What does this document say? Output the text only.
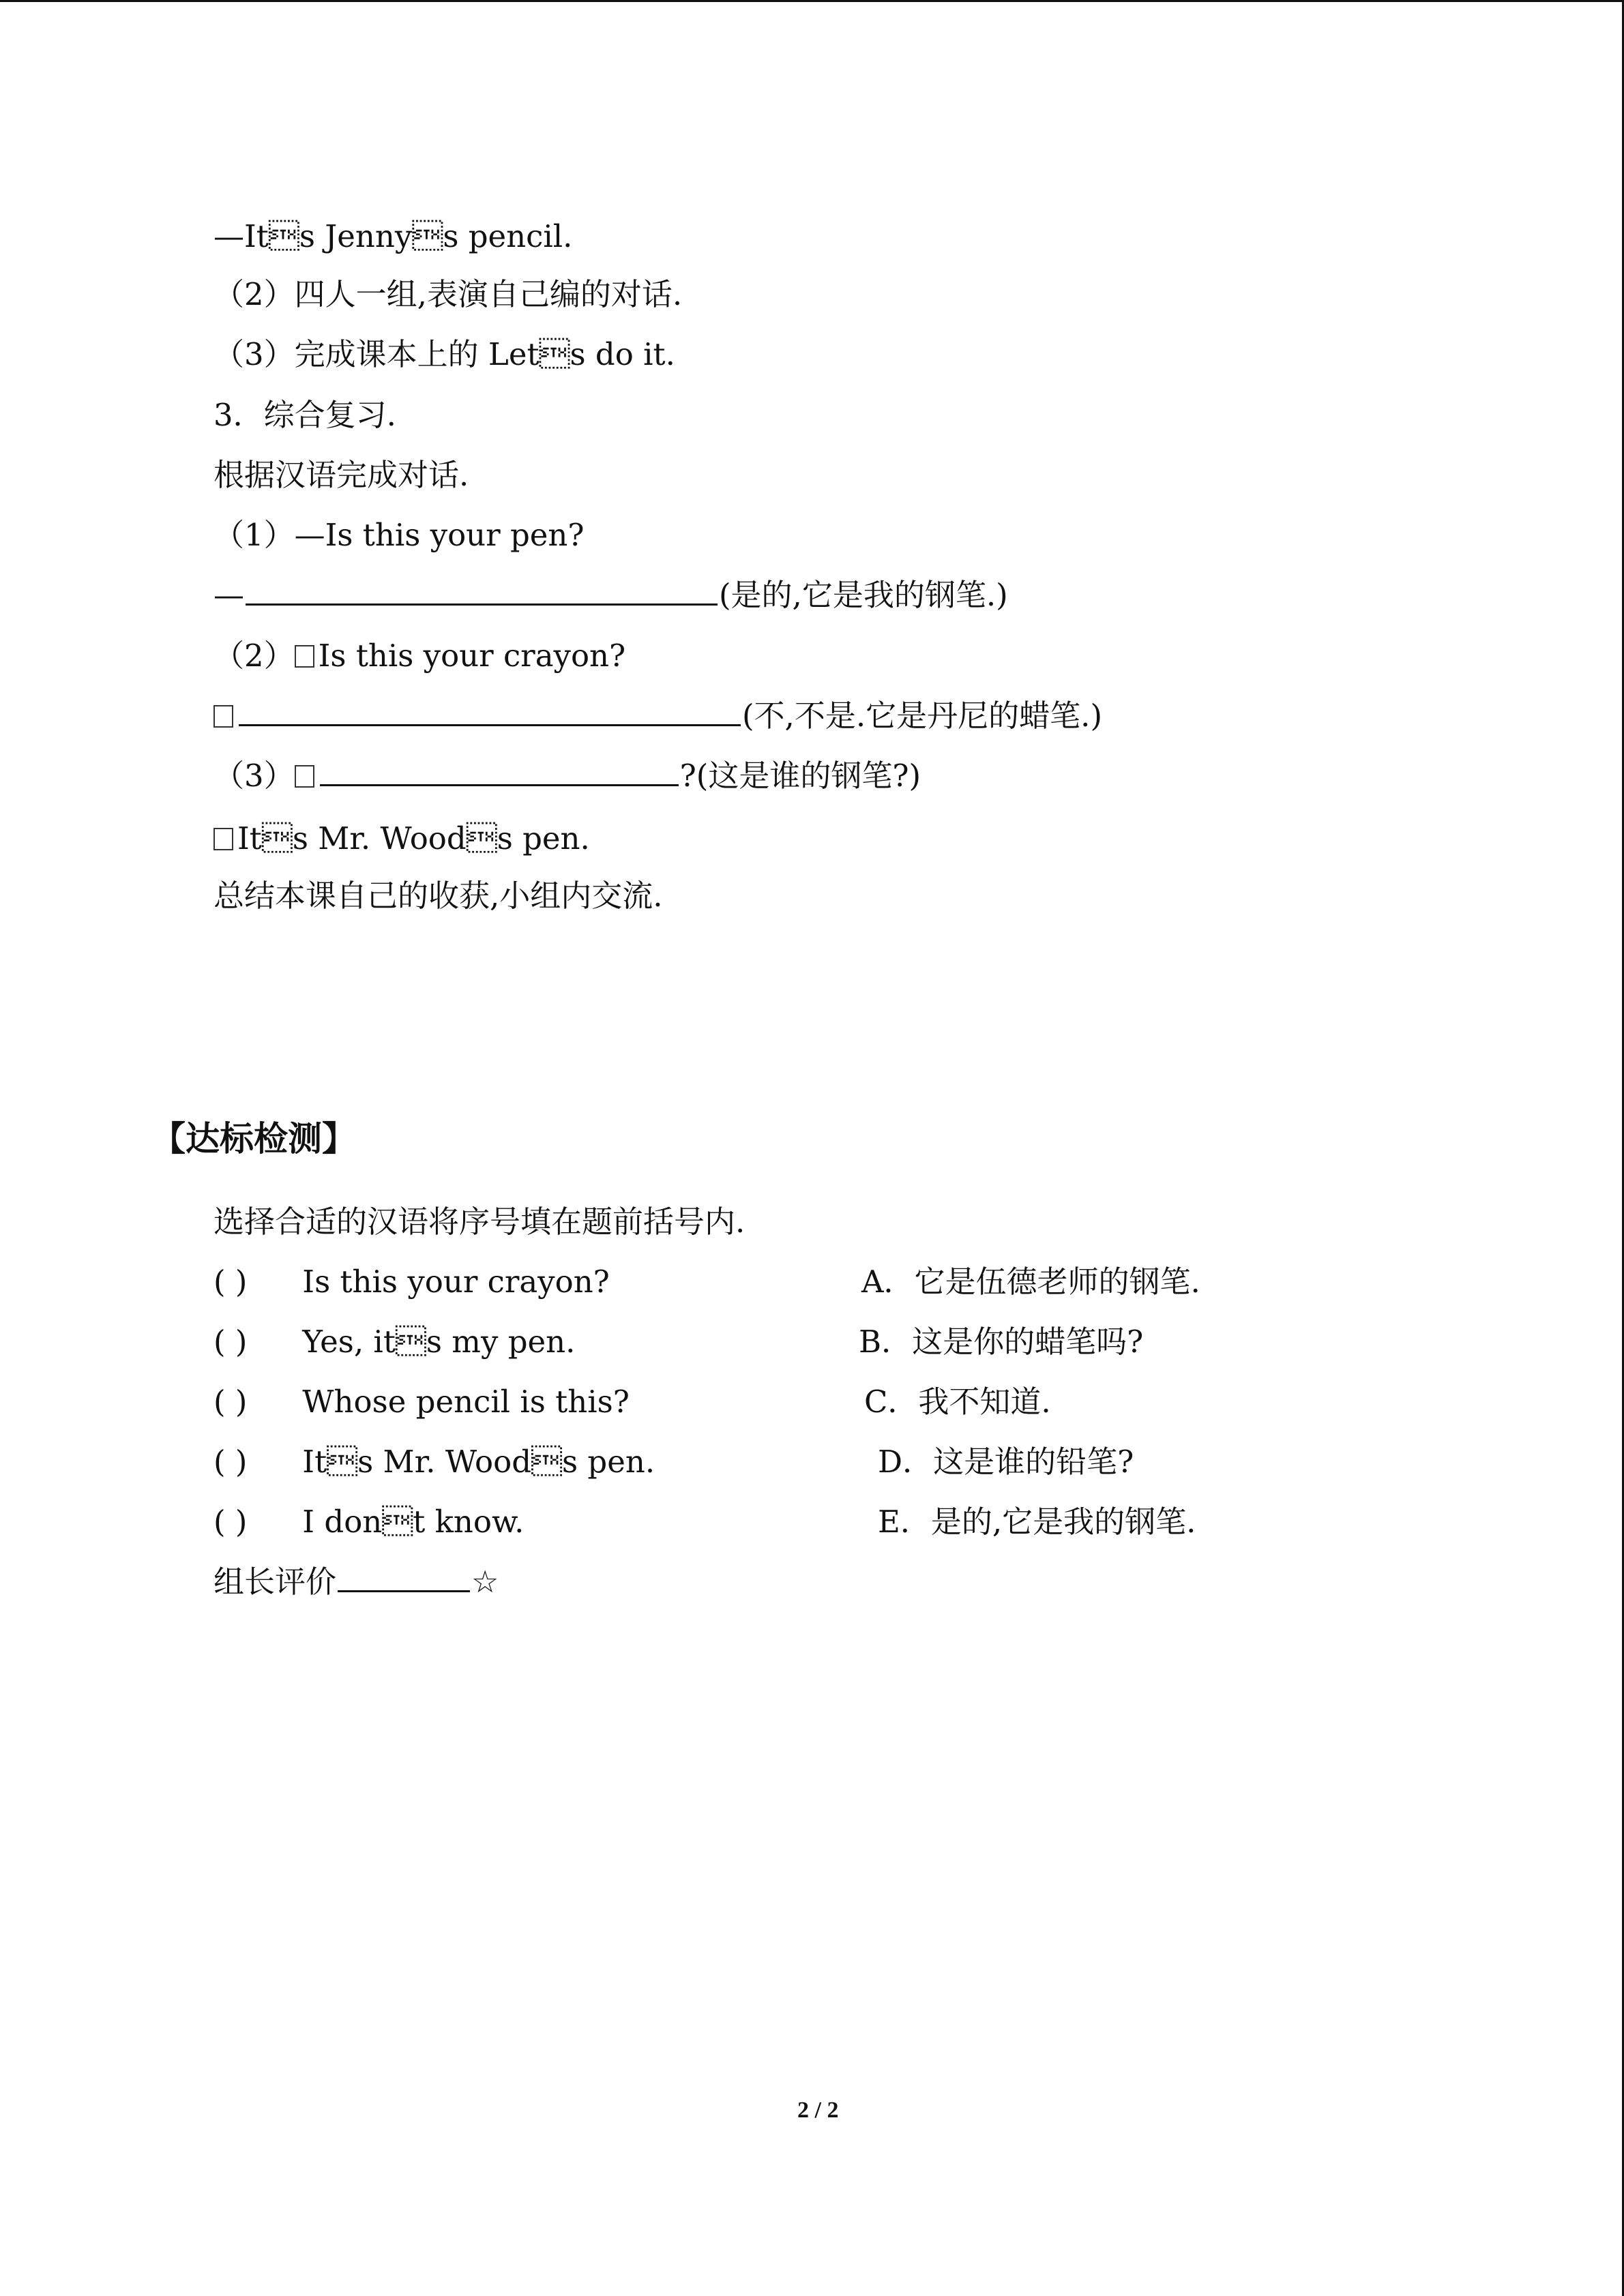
—Its Jennys pencil.
（2）四人一组,表演自己编的对话.
（3）完成课本上的 Lets do it.
3．综合复习.
根据汉语完成对话.
（1）—Is this your pen?
—	(是的,它是我的钢笔.)
（2） Is this your crayon?
(不,不是.它是丹尼的蜡笔.)
（3）	?(这是谁的钢笔?)
Its Mr. Woods pen.
总结本课自己的收获,小组内交流.
【达标检测】
选择合适的汉语将序号填在题前括号内.
( ) Is this your crayon?	A．它是伍德老师的钢笔.
( ) Yes, its my pen.	B．这是你的蜡笔吗?
( ) Whose pencil is this?	C．我不知道.
( ) Its Mr. Woods pen.	D．这是谁的铅笔?
( ) I dont know.	E．是的,它是我的钢笔.
组长评价	☆
2 / 2
